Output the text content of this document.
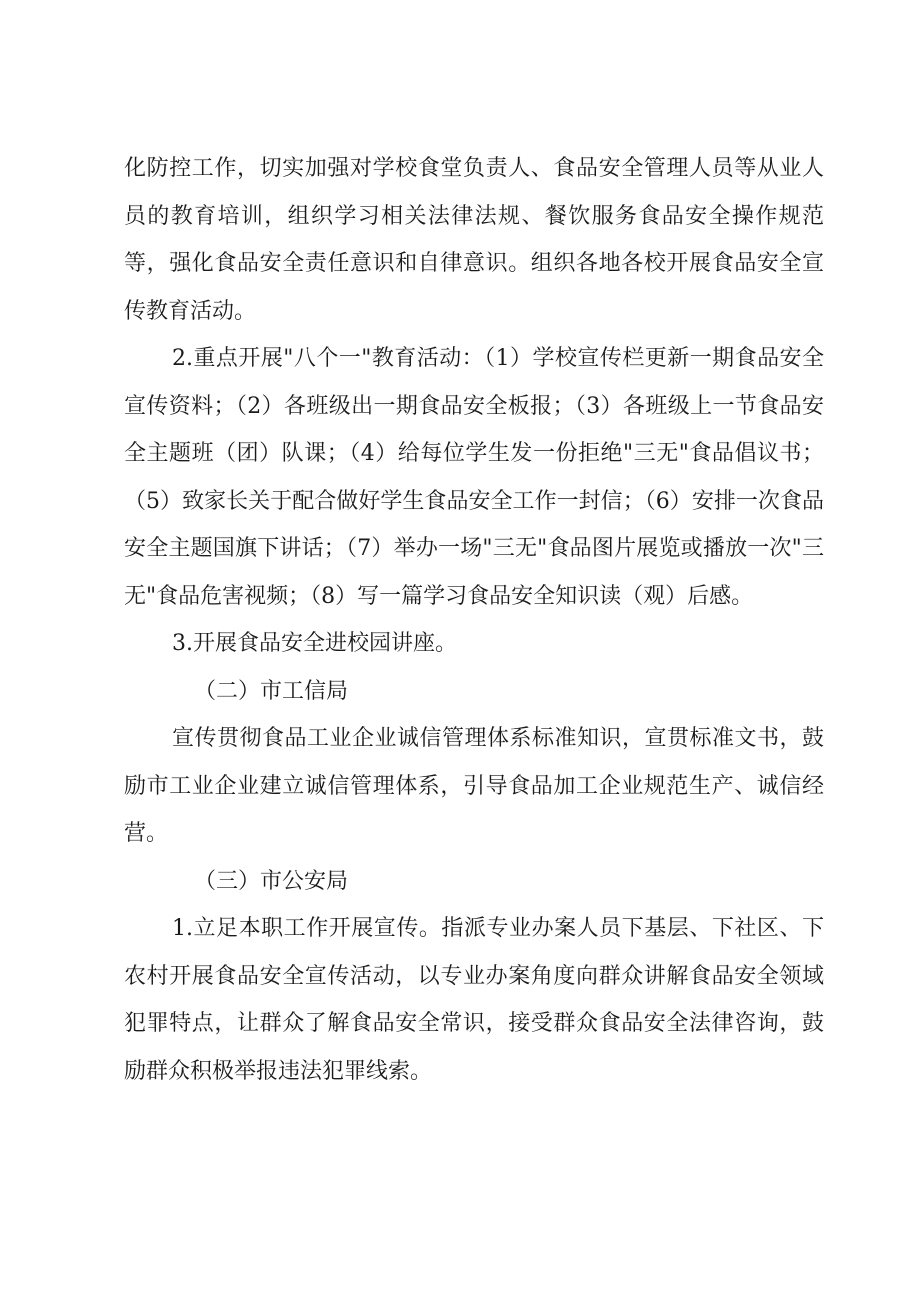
化防控工作，切实加强对学校食堂负责人、食品安全管理人员等从业人员的教育培训，组织学习相关法律法规、餐饮服务食品安全操作规范等，强化食品安全责任意识和自律意识。组织各地各校开展食品安全宣传教育活动。

2.重点开展"八个一"教育活动：（1）学校宣传栏更新一期食品安全宣传资料；（2）各班级出一期食品安全板报；（3）各班级上一节食品安全主题班（团）队课；（4）给每位学生发一份拒绝"三无"食品倡议书；（5）致家长关于配合做好学生食品安全工作一封信；（6）安排一次食品安全主题国旗下讲话；（7）举办一场"三无"食品图片展览或播放一次"三无"食品危害视频；（8）写一篇学习食品安全知识读（观）后感。

3.开展食品安全进校园讲座。

（二）市工信局

宣传贯彻食品工业企业诚信管理体系标准知识，宣贯标准文书，鼓励市工业企业建立诚信管理体系，引导食品加工企业规范生产、诚信经营。

（三）市公安局

1.立足本职工作开展宣传。指派专业办案人员下基层、下社区、下农村开展食品安全宣传活动，以专业办案角度向群众讲解食品安全领域犯罪特点，让群众了解食品安全常识，接受群众食品安全法律咨询，鼓励群众积极举报违法犯罪线索。
